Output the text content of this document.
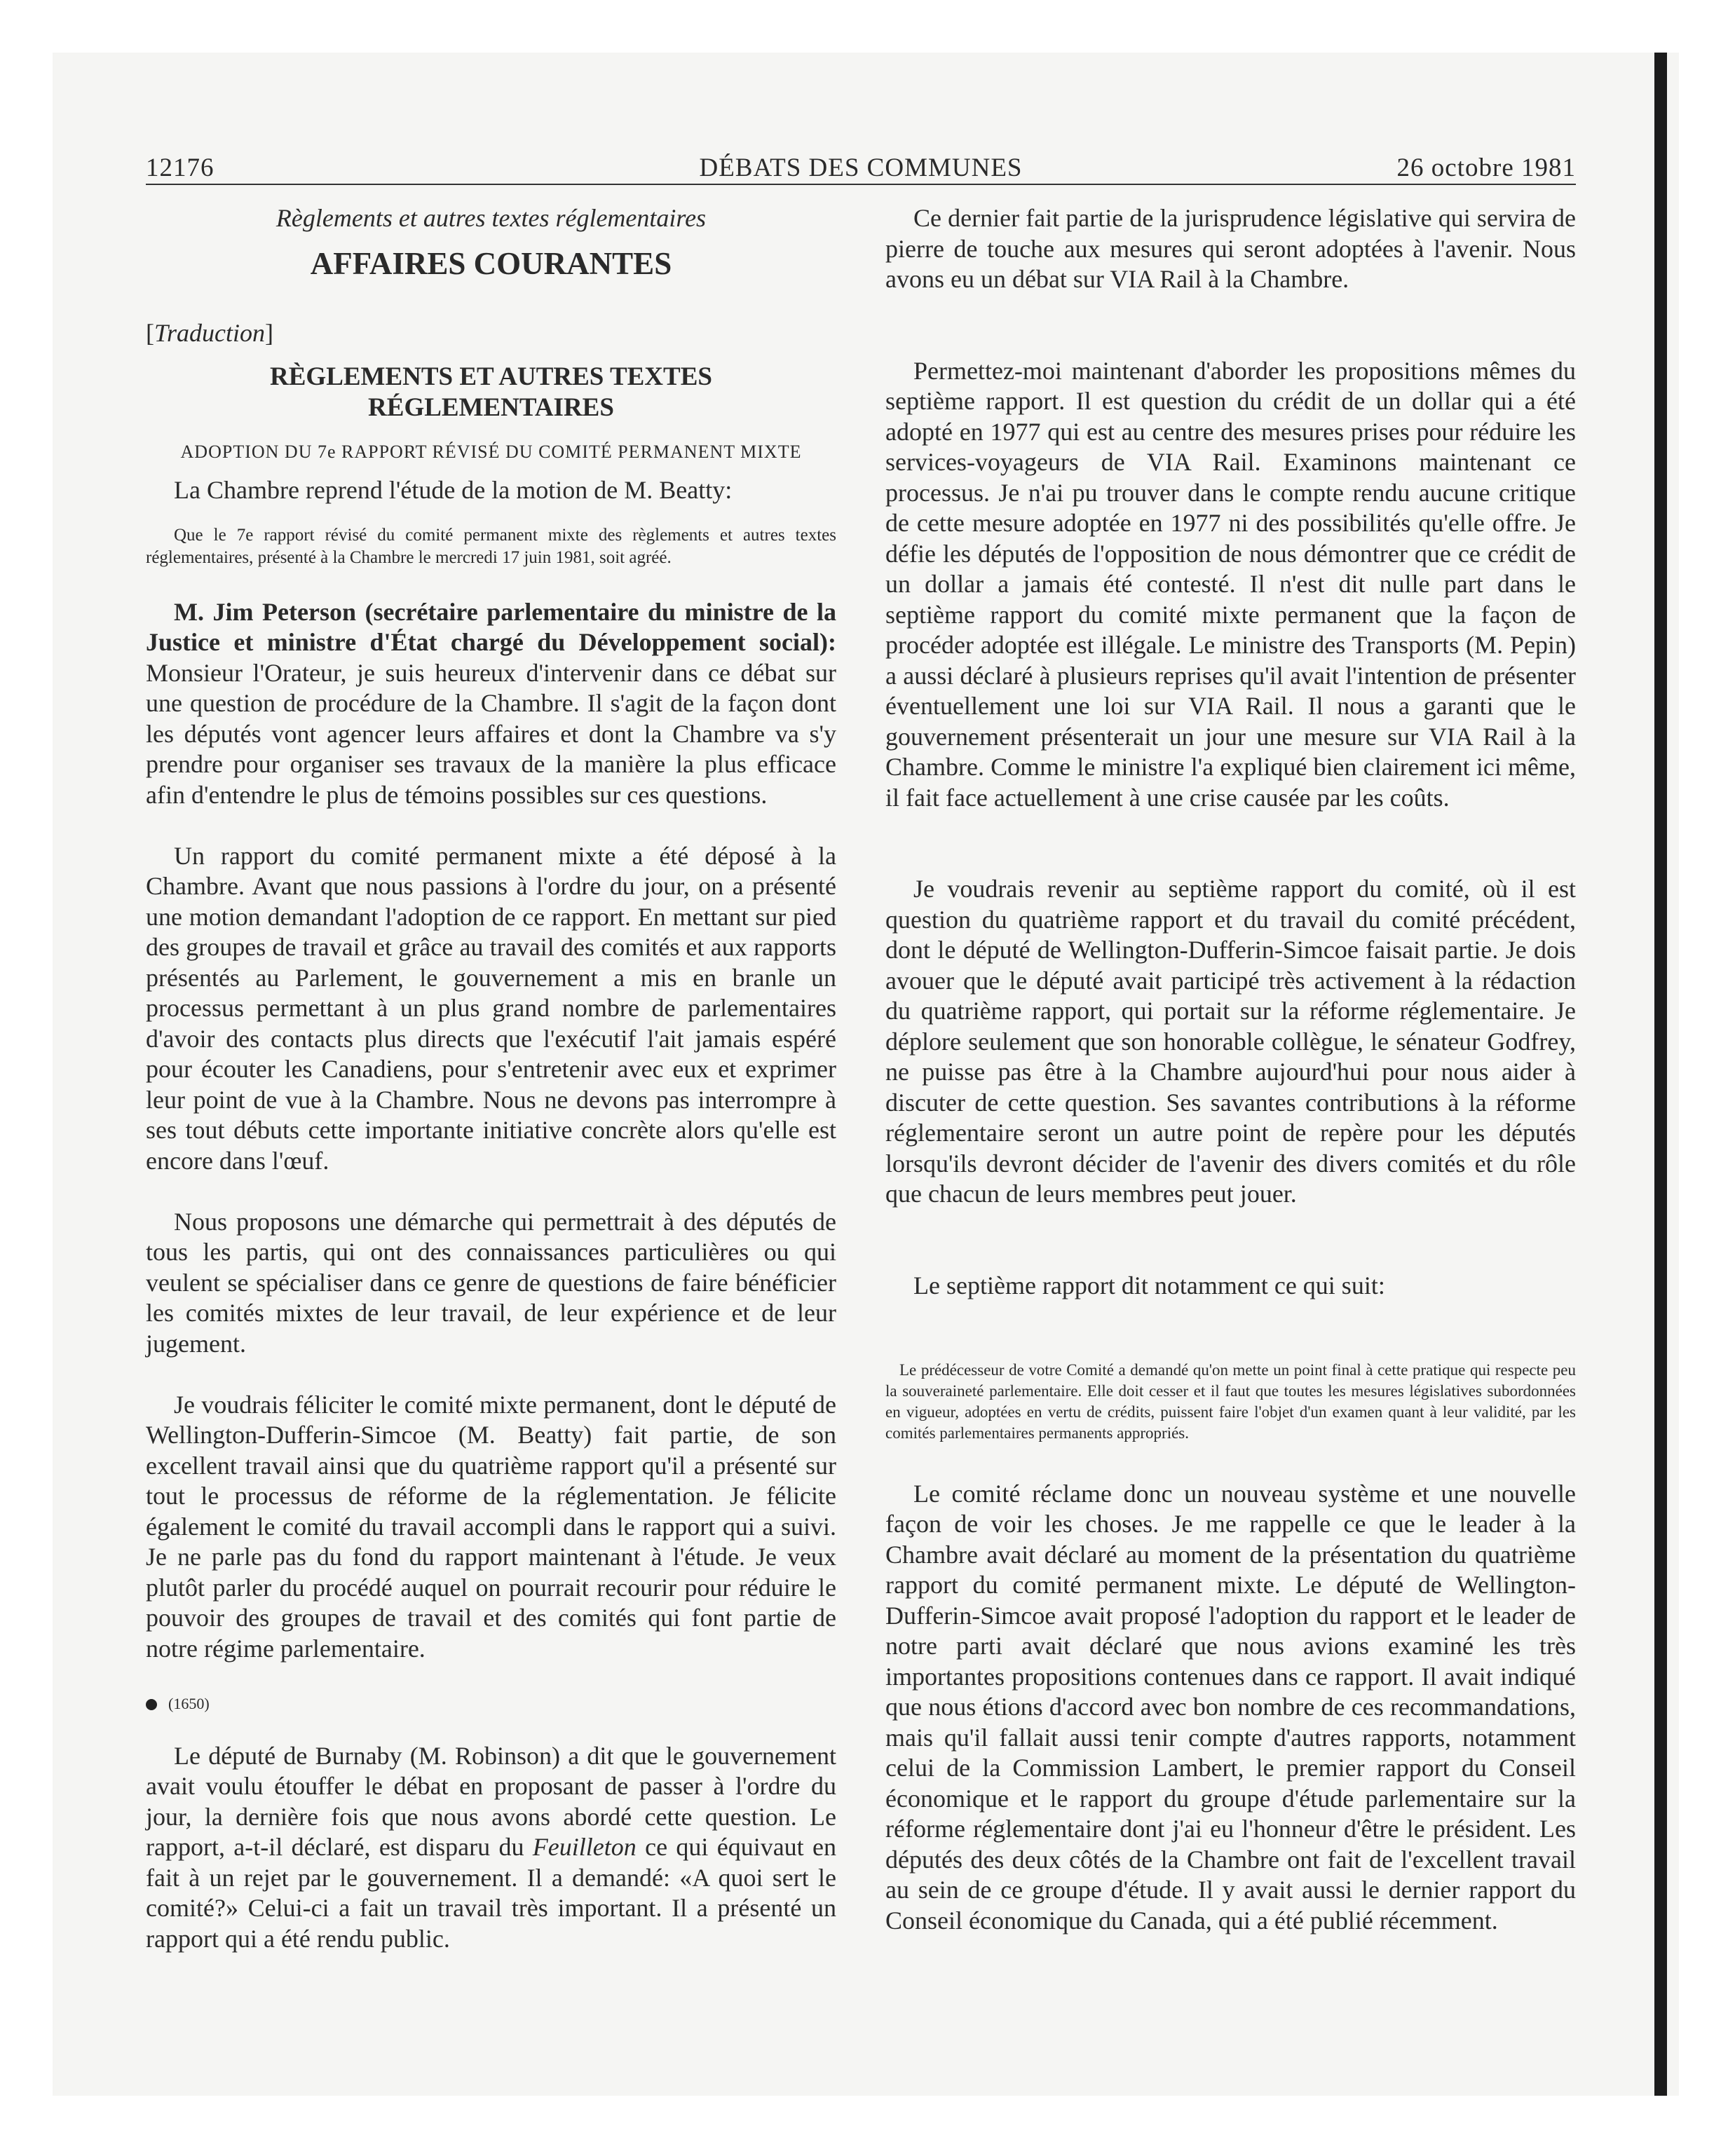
12176	DÉBATS DES COMMUNES	26 octobre 1981

Règlements et autres textes réglementaires

AFFAIRES COURANTES

[Traduction]

RÈGLEMENTS ET AUTRES TEXTES RÉGLEMENTAIRES

ADOPTION DU 7e RAPPORT RÉVISÉ DU COMITÉ PERMANENT MIXTE

La Chambre reprend l'étude de la motion de M. Beatty:

Que le 7e rapport révisé du comité permanent mixte des règlements et autres textes réglementaires, présenté à la Chambre le mercredi 17 juin 1981, soit agréé.

M. Jim Peterson (secrétaire parlementaire du ministre de la Justice et ministre d'État chargé du Développement social): Monsieur l'Orateur, je suis heureux d'intervenir dans ce débat sur une question de procédure de la Chambre. Il s'agit de la façon dont les députés vont agencer leurs affaires et dont la Chambre va s'y prendre pour organiser ses travaux de la manière la plus efficace afin d'entendre le plus de témoins possibles sur ces questions.

Un rapport du comité permanent mixte a été déposé à la Chambre. Avant que nous passions à l'ordre du jour, on a présenté une motion demandant l'adoption de ce rapport. En mettant sur pied des groupes de travail et grâce au travail des comités et aux rapports présentés au Parlement, le gouvernement a mis en branle un processus permettant à un plus grand nombre de parlementaires d'avoir des contacts plus directs que l'exécutif l'ait jamais espéré pour écouter les Canadiens, pour s'entretenir avec eux et exprimer leur point de vue à la Chambre. Nous ne devons pas interrompre à ses tout débuts cette importante initiative concrète alors qu'elle est encore dans l'œuf.

Nous proposons une démarche qui permettrait à des députés de tous les partis, qui ont des connaissances particulières ou qui veulent se spécialiser dans ce genre de questions de faire bénéficier les comités mixtes de leur travail, de leur expérience et de leur jugement.

Je voudrais féliciter le comité mixte permanent, dont le député de Wellington-Dufferin-Simcoe (M. Beatty) fait partie, de son excellent travail ainsi que du quatrième rapport qu'il a présenté sur tout le processus de réforme de la réglementation. Je félicite également le comité du travail accompli dans le rapport qui a suivi. Je ne parle pas du fond du rapport maintenant à l'étude. Je veux plutôt parler du procédé auquel on pourrait recourir pour réduire le pouvoir des groupes de travail et des comités qui font partie de notre régime parlementaire.

(1650)

Le député de Burnaby (M. Robinson) a dit que le gouvernement avait voulu étouffer le débat en proposant de passer à l'ordre du jour, la dernière fois que nous avons abordé cette question. Le rapport, a-t-il déclaré, est disparu du Feuilleton ce qui équivaut en fait à un rejet par le gouvernement. Il a demandé: «A quoi sert le comité?» Celui-ci a fait un travail très important. Il a présenté un rapport qui a été rendu public.

Ce dernier fait partie de la jurisprudence législative qui servira de pierre de touche aux mesures qui seront adoptées à l'avenir. Nous avons eu un débat sur VIA Rail à la Chambre.

Permettez-moi maintenant d'aborder les propositions mêmes du septième rapport. Il est question du crédit de un dollar qui a été adopté en 1977 qui est au centre des mesures prises pour réduire les services-voyageurs de VIA Rail. Examinons maintenant ce processus. Je n'ai pu trouver dans le compte rendu aucune critique de cette mesure adoptée en 1977 ni des possibilités qu'elle offre. Je défie les députés de l'opposition de nous démontrer que ce crédit de un dollar a jamais été contesté. Il n'est dit nulle part dans le septième rapport du comité mixte permanent que la façon de procéder adoptée est illégale. Le ministre des Transports (M. Pepin) a aussi déclaré à plusieurs reprises qu'il avait l'intention de présenter éventuellement une loi sur VIA Rail. Il nous a garanti que le gouvernement présenterait un jour une mesure sur VIA Rail à la Chambre. Comme le ministre l'a expliqué bien clairement ici même, il fait face actuellement à une crise causée par les coûts.

Je voudrais revenir au septième rapport du comité, où il est question du quatrième rapport et du travail du comité précédent, dont le député de Wellington-Dufferin-Simcoe faisait partie. Je dois avouer que le député avait participé très activement à la rédaction du quatrième rapport, qui portait sur la réforme réglementaire. Je déplore seulement que son honorable collègue, le sénateur Godfrey, ne puisse pas être à la Chambre aujourd'hui pour nous aider à discuter de cette question. Ses savantes contributions à la réforme réglementaire seront un autre point de repère pour les députés lorsqu'ils devront décider de l'avenir des divers comités et du rôle que chacun de leurs membres peut jouer.

Le septième rapport dit notamment ce qui suit:

Le prédécesseur de votre Comité a demandé qu'on mette un point final à cette pratique qui respecte peu la souveraineté parlementaire. Elle doit cesser et il faut que toutes les mesures législatives subordonnées en vigueur, adoptées en vertu de crédits, puissent faire l'objet d'un examen quant à leur validité, par les comités parlementaires permanents appropriés.

Le comité réclame donc un nouveau système et une nouvelle façon de voir les choses. Je me rappelle ce que le leader à la Chambre avait déclaré au moment de la présentation du quatrième rapport du comité permanent mixte. Le député de Wellington-Dufferin-Simcoe avait proposé l'adoption du rapport et le leader de notre parti avait déclaré que nous avions examiné les très importantes propositions contenues dans ce rapport. Il avait indiqué que nous étions d'accord avec bon nombre de ces recommandations, mais qu'il fallait aussi tenir compte d'autres rapports, notamment celui de la Commission Lambert, le premier rapport du Conseil économique et le rapport du groupe d'étude parlementaire sur la réforme réglementaire dont j'ai eu l'honneur d'être le président. Les députés des deux côtés de la Chambre ont fait de l'excellent travail au sein de ce groupe d'étude. Il y avait aussi le dernier rapport du Conseil économique du Canada, qui a été publié récemment.
